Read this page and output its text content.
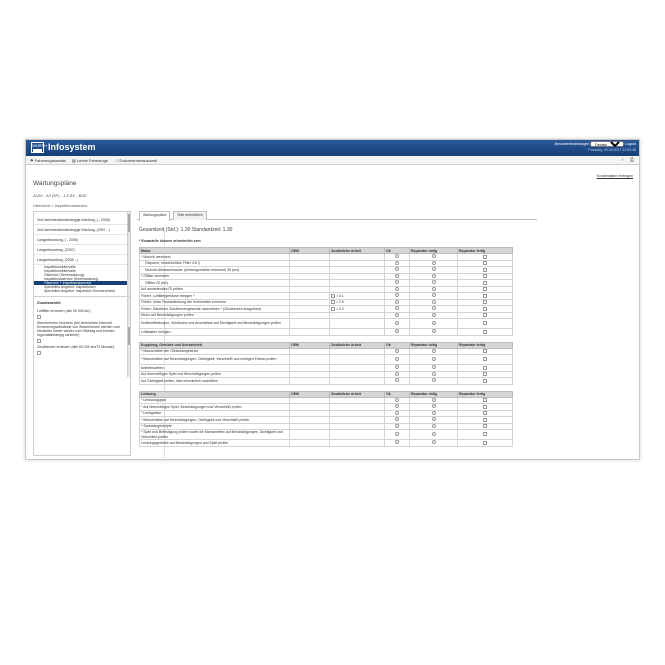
WÜRTH Infosystem	Benutzereinstellungen
Deutsch	Logout
Thursday, 00.00.2017 12:50:48
⚑ Fahrzeugauswahl ▤ Letzte Fahrzeuge □ Dokumentenauswahl	‹ ⎙
Kundendaten eintragen
Wartungspläne
AUDI - A3 (8P) - 1.8 BV - BSE
Übersicht > Inspektionsservice
Zeit-/fahrstreckenabhängige Wartung, ( - 2006)
Zeit-/fahrstreckenabhängige Wartung, (2007 - )
Langzeitwartung, ( - 2006)
Langzeitwartung, (2007)
Langzeitwartung, (2008 - )
Inspektionsintervalle
Inspektionsintervalle
Ölservice (Seriensatzung)
Inspektionsservice (Seriensatzung)
Ölservice + Inspektionsservice
Spezielles Angebot: Inspektionen
Spezielles Angebot: Inspektion Sommercheck
Zusatzarbeit
Luftfilter erneuern (alle 90 000 km)
Steuerriemen erneuern (bei ziemlichem Intervall, Erneuerungsabstände von Steuerriemen werden vom Hersteller immer wieder zum Stichtag und können regionalabhängig variieren)
Zündkerzen erneuern (alle 60 000 km/72 Monate)
Wartungspläne	Teile erforderlich
Gesamtzeit (Std.): 1.30 Standardzeit: 1.30
* Ersatzteile können erforderlich sein
Motor	OEM	Zusätzliche Arbeit	Ok	Reparatur nötig	Reparatur fertig
* Motoröl wechseln					
Ölsparne, einschließlich Filter 4.6 l)					
Motoröl-Ablassschraube (Unterlegscheibe erneuern) 30 (km)					
* Ölfilter wechseln					
Ölfilter 20 (km)					
Auf austretendes Öl prüfen					
Fühler: Luftfiltergehäuse reinigen *		≈ 0.1			
Fühler: Unter Radabdichtung der Kurbelwelle erneuern		≈ 2.5			
Fühler: Sämtliche Zündkerzengewinde nachziehen * (Zündkerzen ausgebaut)		≈ 0.3			
Motor auf Beschädigungen prüfen					
Kraftstoffleitungen, Schläuche und Anschlüsse auf Dichtigkeit und Beschädigungen prüfen					
Luftkasten reinigen					
Kupplung, Getriebe und Achsantrieb	OEM	Zusätzliche Arbeit	Ok	Reparatur nötig	Reparatur fertig
* Manschetten der Gleichlaufgelenke					
* Manschetten auf Beschädigungen, Dichtigkeit, Verschleiß und richtigen Einbau prüfen					
Antriebswellen					
Auf übermäßiges Spiel und Beschädigungen prüfen					
Auf Dichtigkeit prüfen, falls erforderlich nachfüllen					
Lenkung	OEM	Zusätzliche Arbeit	Ok	Reparatur nötig	Reparatur fertig
* Lenkausgupps					
* Auf übermäßiges Spiel, Beschädigungen und Verschleiß prüfen					
* Lenkgeleke					
* Manschetten auf Beschädigungen, Dichtigkeit und Verschleiß prüfen					
* Spurstangenköpfe					
* Spiel und Befestigung prüfen sowie die Manschetten auf Beschädigungen, Dichtigkeit und Verschleiß prüfen					
Lenkungsgetriebe auf Beschädigungen und Spiel prüfen					
